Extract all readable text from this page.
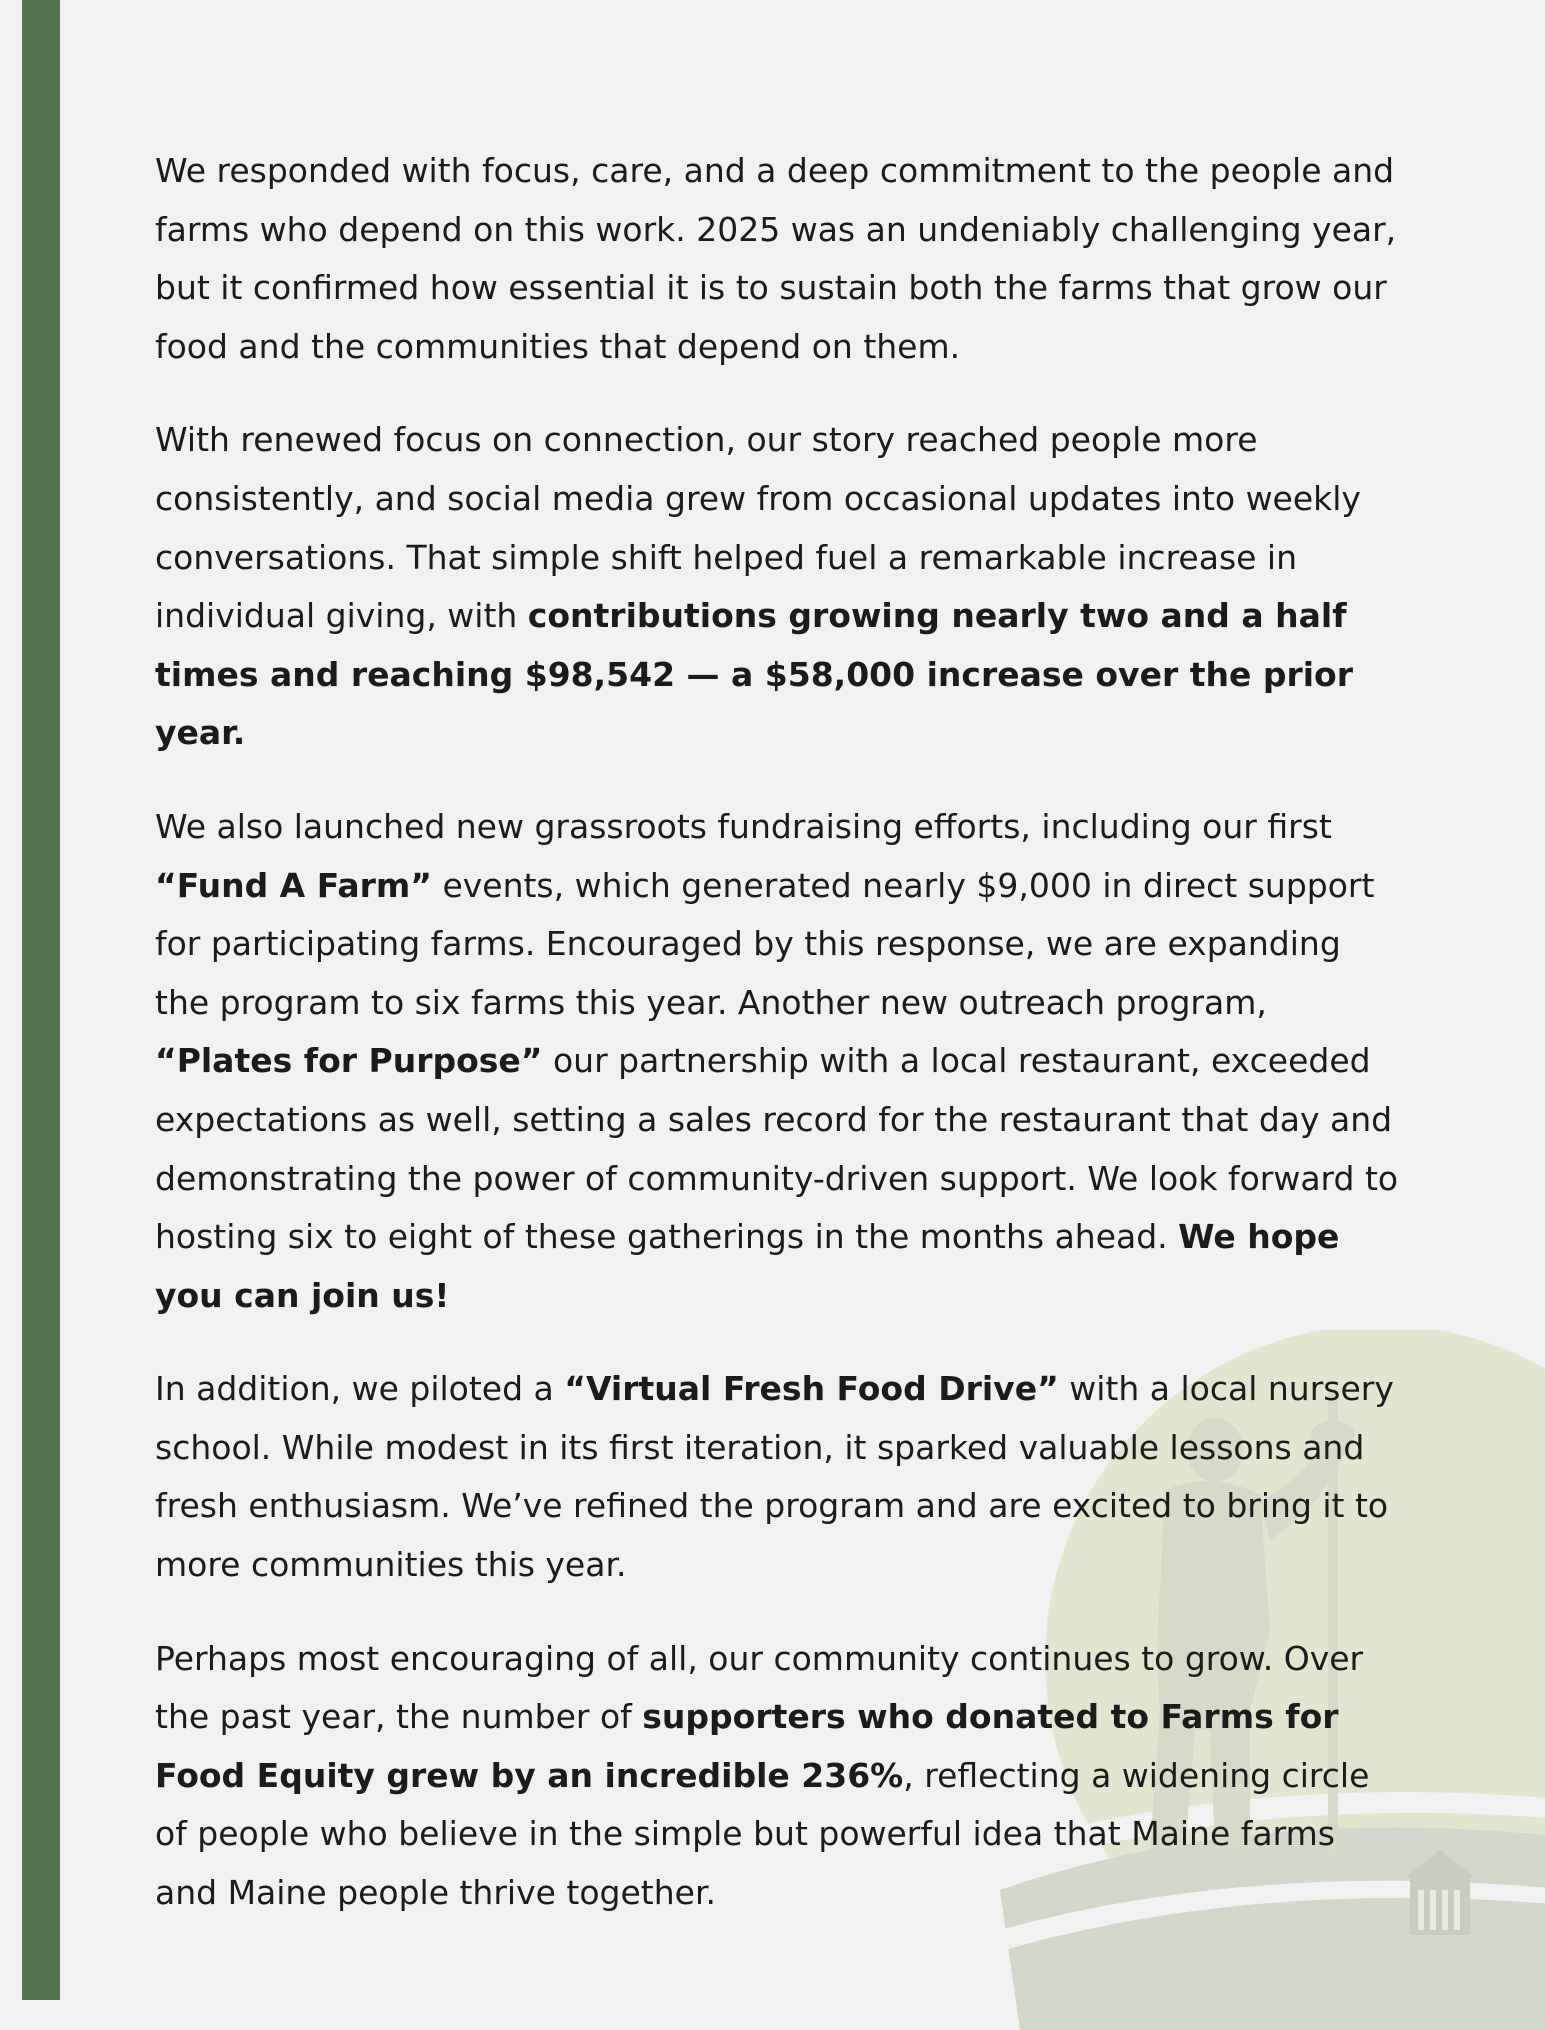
We responded with focus, care, and a deep commitment to the people and farms who depend on this work. 2025 was an undeniably challenging year, but it confirmed how essential it is to sustain both the farms that grow our food and the communities that depend on them.

With renewed focus on connection, our story reached people more consistently, and social media grew from occasional updates into weekly conversations. That simple shift helped fuel a remarkable increase in individual giving, with contributions growing nearly two and a half times and reaching $98,542 — a $58,000 increase over the prior year.

We also launched new grassroots fundraising efforts, including our first “Fund A Farm” events, which generated nearly $9,000 in direct support for participating farms. Encouraged by this response, we are expanding the program to six farms this year. Another new outreach program, “Plates for Purpose” our partnership with a local restaurant, exceeded expectations as well, setting a sales record for the restaurant that day and demonstrating the power of community-driven support. We look forward to hosting six to eight of these gatherings in the months ahead. We hope you can join us!

In addition, we piloted a “Virtual Fresh Food Drive” with a local nursery school. While modest in its first iteration, it sparked valuable lessons and fresh enthusiasm. We’ve refined the program and are excited to bring it to more communities this year.

Perhaps most encouraging of all, our community continues to grow. Over the past year, the number of supporters who donated to Farms for Food Equity grew by an incredible 236%, reflecting a widening circle of people who believe in the simple but powerful idea that Maine farms and Maine people thrive together.
